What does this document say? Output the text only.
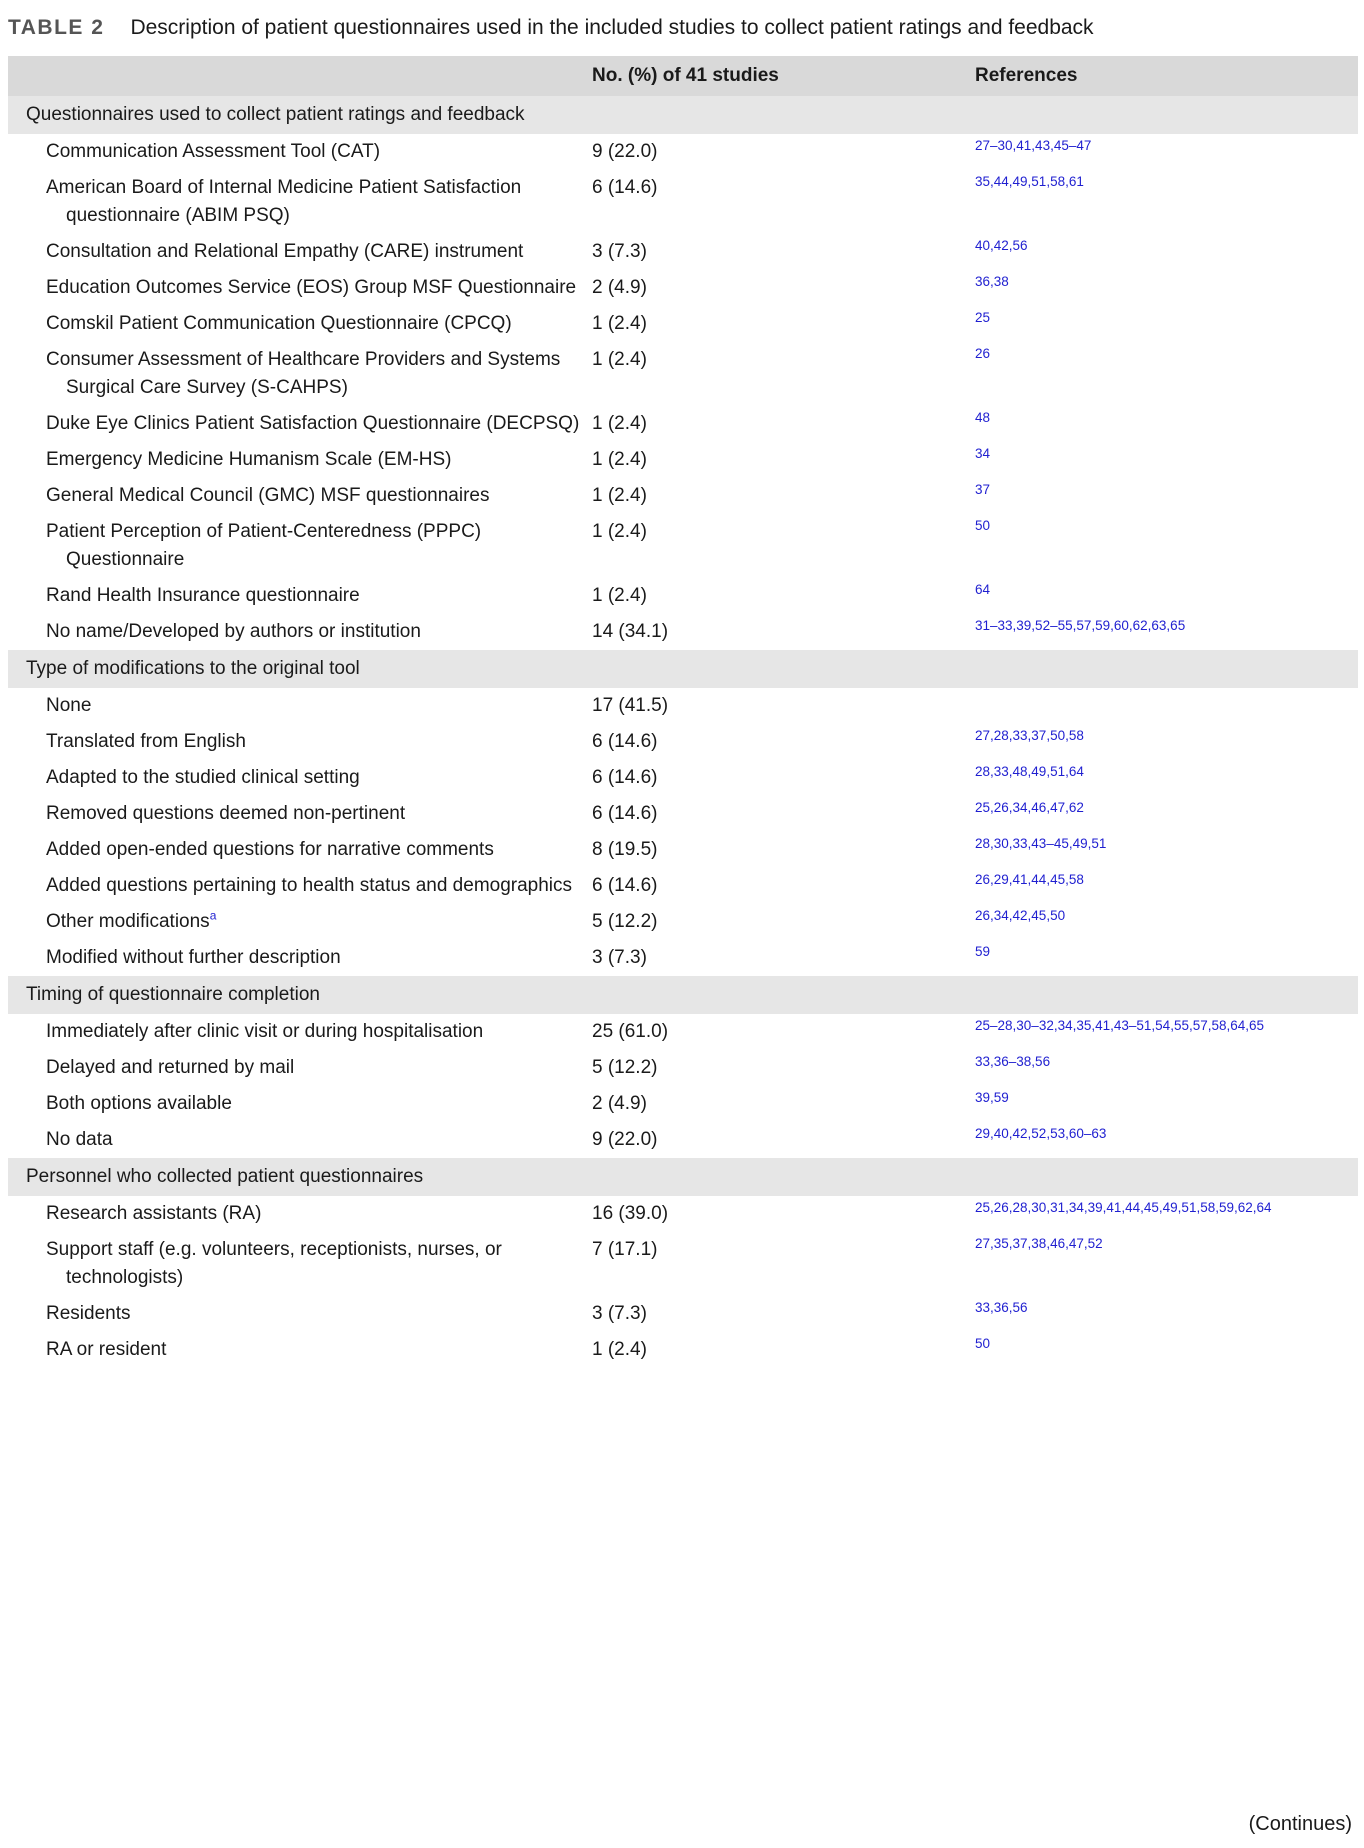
TABLE 2 Description of patient questionnaires used in the included studies to collect patient ratings and feedback
	No. (%) of 41 studies	References
Questionnaires used to collect patient ratings and feedback		

Communication Assessment Tool (CAT)	9 (22.0)	27–30,41,43,45–47

American Board of Internal Medicine Patient Satisfaction questionnaire (ABIM PSQ)	6 (14.6)	35,44,49,51,58,61

Consultation and Relational Empathy (CARE) instrument	3 (7.3)	40,42,56

Education Outcomes Service (EOS) Group MSF Questionnaire	2 (4.9)	36,38

Comskil Patient Communication Questionnaire (CPCQ)	1 (2.4)	25

Consumer Assessment of Healthcare Providers and Systems Surgical Care Survey (S-CAHPS)	1 (2.4)	26

Duke Eye Clinics Patient Satisfaction Questionnaire (DECPSQ)	1 (2.4)	48

Emergency Medicine Humanism Scale (EM-HS)	1 (2.4)	34

General Medical Council (GMC) MSF questionnaires	1 (2.4)	37

Patient Perception of Patient-Centeredness (PPPC) Questionnaire	1 (2.4)	50

Rand Health Insurance questionnaire	1 (2.4)	64

No name/Developed by authors or institution	14 (34.1)	31–33,39,52–55,57,59,60,62,63,65
Type of modifications to the original tool		

None	17 (41.5)	

Translated from English	6 (14.6)	27,28,33,37,50,58

Adapted to the studied clinical setting	6 (14.6)	28,33,48,49,51,64

Removed questions deemed non-pertinent	6 (14.6)	25,26,34,46,47,62

Added open-ended questions for narrative comments	8 (19.5)	28,30,33,43–45,49,51

Added questions pertaining to health status and demographics	6 (14.6)	26,29,41,44,45,58

Other modifications$^a$	5 (12.2)	26,34,42,45,50

Modified without further description	3 (7.3)	59
Timing of questionnaire completion		

Immediately after clinic visit or during hospitalisation	25 (61.0)	25–28,30–32,34,35,41,43–51,54,55,57,58,64,65

Delayed and returned by mail	5 (12.2)	33,36–38,56

Both options available	2 (4.9)	39,59

No data	9 (22.0)	29,40,42,52,53,60–63
Personnel who collected patient questionnaires		

Research assistants (RA)	16 (39.0)	25,26,28,30,31,34,39,41,44,45,49,51,58,59,62,64

Support staff (e.g. volunteers, receptionists, nurses, or technologists)	7 (17.1)	27,35,37,38,46,47,52

Residents	3 (7.3)	33,36,56

RA or resident	1 (2.4)	50
(Continues)
